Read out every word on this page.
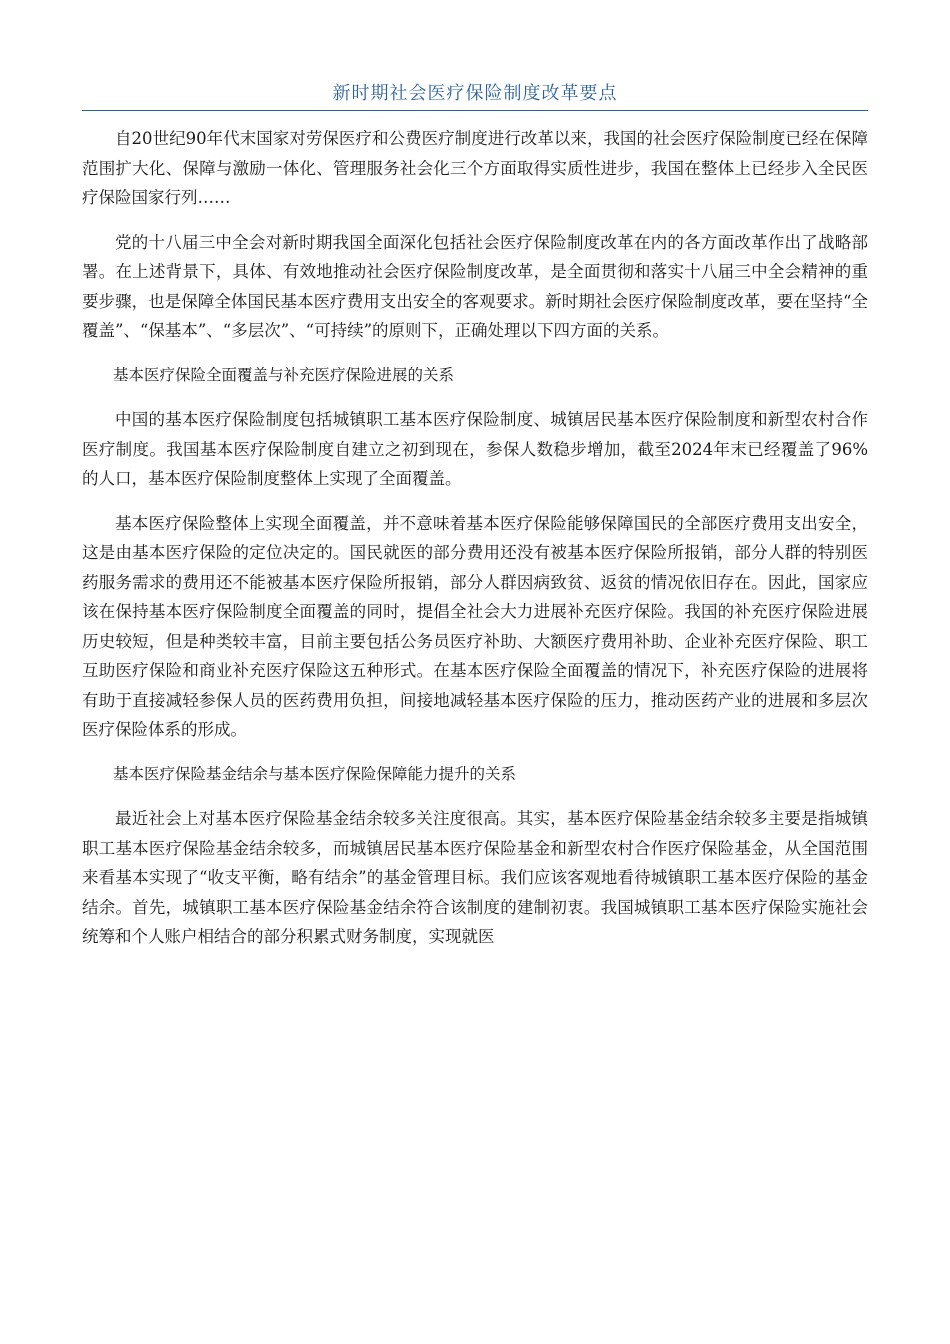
新时期社会医疗保险制度改革要点

自20世纪90年代末国家对劳保医疗和公费医疗制度进行改革以来，我国的社会医疗保险制度已经在保障范围扩大化、保障与激励一体化、管理服务社会化三个方面取得实质性进步，我国在整体上已经步入全民医疗保险国家行列……

党的十八届三中全会对新时期我国全面深化包括社会医疗保险制度改革在内的各方面改革作出了战略部署。在上述背景下，具体、有效地推动社会医疗保险制度改革，是全面贯彻和落实十八届三中全会精神的重要步骤，也是保障全体国民基本医疗费用支出安全的客观要求。新时期社会医疗保险制度改革，要在坚持“全覆盖”、“保基本”、“多层次”、“可持续”的原则下，正确处理以下四方面的关系。

基本医疗保险全面覆盖与补充医疗保险进展的关系

中国的基本医疗保险制度包括城镇职工基本医疗保险制度、城镇居民基本医疗保险制度和新型农村合作医疗制度。我国基本医疗保险制度自建立之初到现在，参保人数稳步增加，截至2024年末已经覆盖了96%的人口，基本医疗保险制度整体上实现了全面覆盖。

基本医疗保险整体上实现全面覆盖，并不意味着基本医疗保险能够保障国民的全部医疗费用支出安全，这是由基本医疗保险的定位决定的。国民就医的部分费用还没有被基本医疗保险所报销，部分人群的特别医药服务需求的费用还不能被基本医疗保险所报销，部分人群因病致贫、返贫的情况依旧存在。因此，国家应该在保持基本医疗保险制度全面覆盖的同时，提倡全社会大力进展补充医疗保险。我国的补充医疗保险进展历史较短，但是种类较丰富，目前主要包括公务员医疗补助、大额医疗费用补助、企业补充医疗保险、职工互助医疗保险和商业补充医疗保险这五种形式。在基本医疗保险全面覆盖的情况下，补充医疗保险的进展将有助于直接减轻参保人员的医药费用负担，间接地减轻基本医疗保险的压力，推动医药产业的进展和多层次医疗保险体系的形成。

基本医疗保险基金结余与基本医疗保险保障能力提升的关系

最近社会上对基本医疗保险基金结余较多关注度很高。其实，基本医疗保险基金结余较多主要是指城镇职工基本医疗保险基金结余较多，而城镇居民基本医疗保险基金和新型农村合作医疗保险基金，从全国范围来看基本实现了“收支平衡，略有结余”的基金管理目标。我们应该客观地看待城镇职工基本医疗保险的基金结余。首先，城镇职工基本医疗保险基金结余符合该制度的建制初衷。我国城镇职工基本医疗保险实施社会统筹和个人账户相结合的部分积累式财务制度，实现就医
